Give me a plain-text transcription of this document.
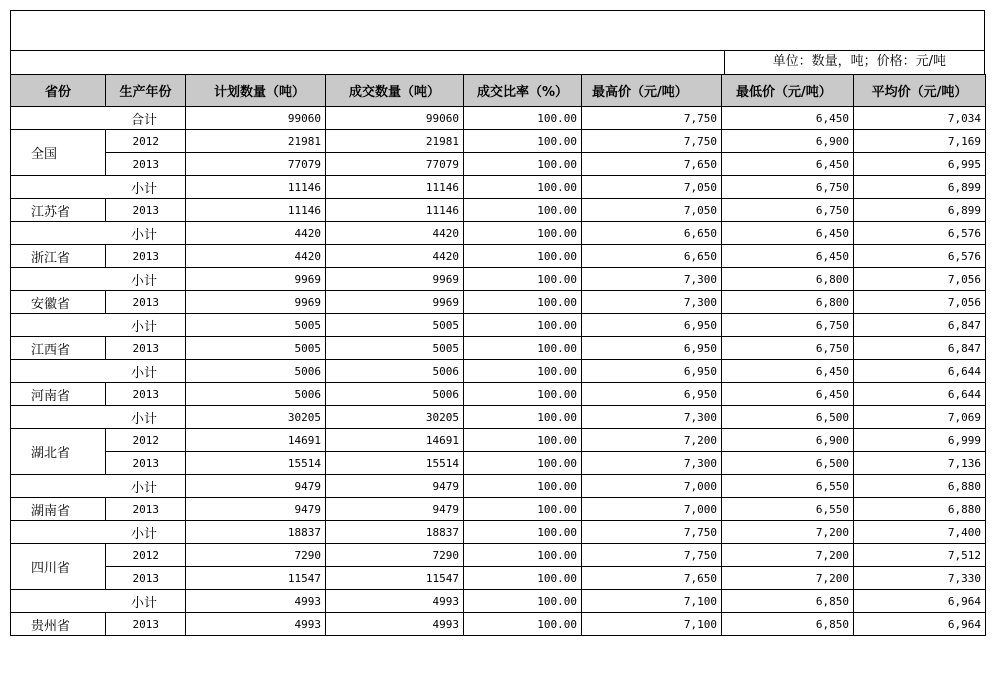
单位：数量，吨；价格：元/吨
省份	生产年份	计划数量（吨）	成交数量（吨）	成交比率（%）	最高价（元/吨）	最低价（元/吨）	平均价（元/吨）
合计		99060	99060	100.00	7,750	6,450	7,034
全国	2012	21981	21981	100.00	7,750	6,900	7,169
	2013	77079	77079	100.00	7,650	6,450	6,995
小计		11146	11146	100.00	7,050	6,750	6,899
江苏省	2013	11146	11146	100.00	7,050	6,750	6,899
小计		4420	4420	100.00	6,650	6,450	6,576
浙江省	2013	4420	4420	100.00	6,650	6,450	6,576
小计		9969	9969	100.00	7,300	6,800	7,056
安徽省	2013	9969	9969	100.00	7,300	6,800	7,056
小计		5005	5005	100.00	6,950	6,750	6,847
江西省	2013	5005	5005	100.00	6,950	6,750	6,847
小计		5006	5006	100.00	6,950	6,450	6,644
河南省	2013	5006	5006	100.00	6,950	6,450	6,644
小计		30205	30205	100.00	7,300	6,500	7,069
湖北省	2012	14691	14691	100.00	7,200	6,900	6,999
	2013	15514	15514	100.00	7,300	6,500	7,136
小计		9479	9479	100.00	7,000	6,550	6,880
湖南省	2013	9479	9479	100.00	7,000	6,550	6,880
小计		18837	18837	100.00	7,750	7,200	7,400
四川省	2012	7290	7290	100.00	7,750	7,200	7,512
	2013	11547	11547	100.00	7,650	7,200	7,330
小计		4993	4993	100.00	7,100	6,850	6,964
贵州省	2013	4993	4993	100.00	7,100	6,850	6,964
